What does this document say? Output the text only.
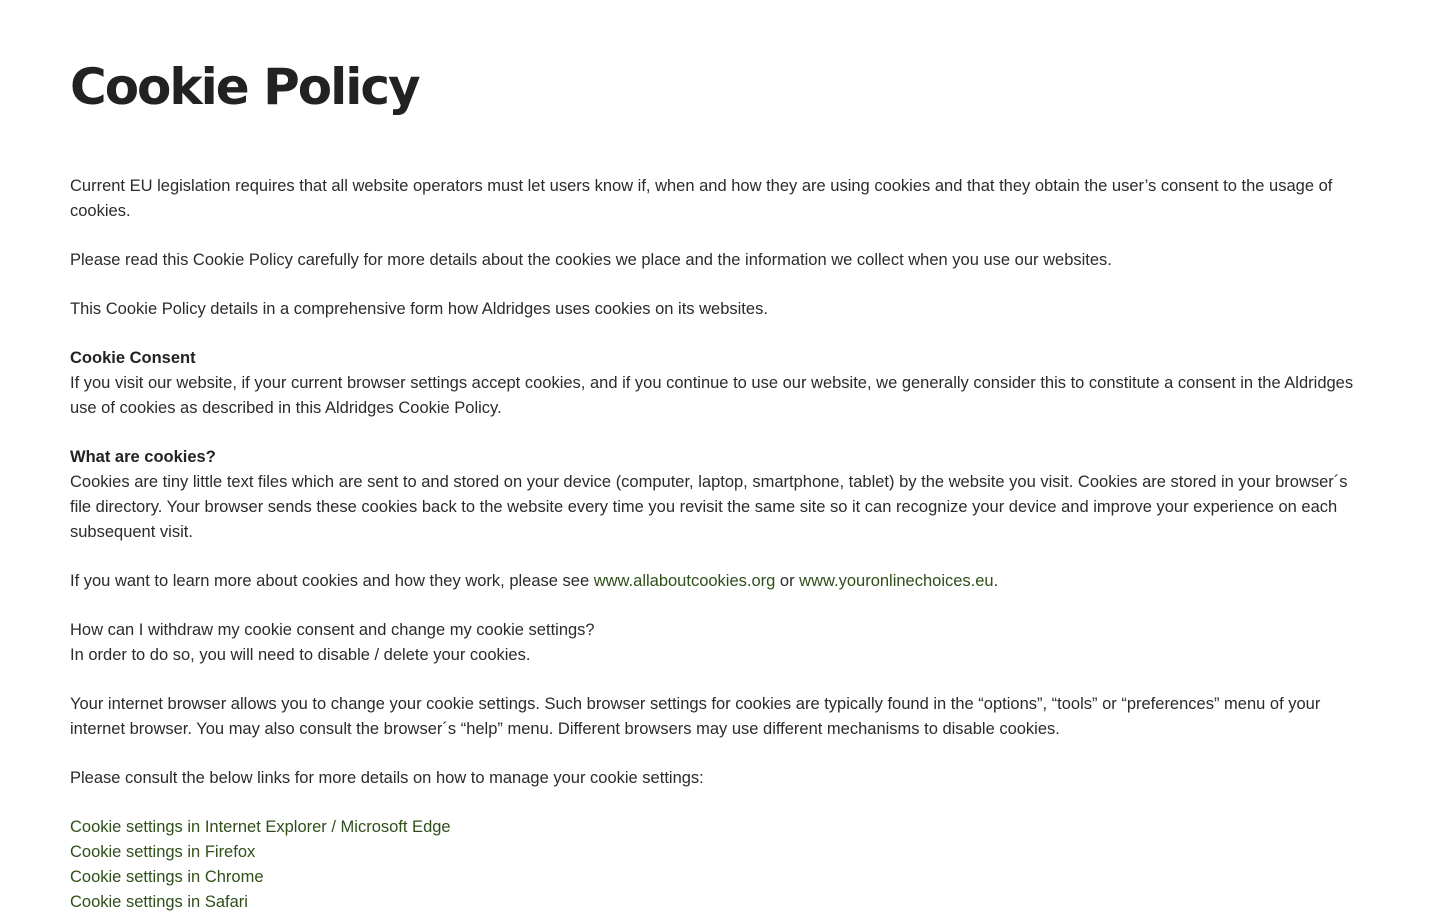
Cookie Policy

Current EU legislation requires that all website operators must let users know if, when and how they are using cookies and that they obtain the user’s consent to the usage of cookies.

Please read this Cookie Policy carefully for more details about the cookies we place and the information we collect when you use our websites.

This Cookie Policy details in a comprehensive form how Aldridges uses cookies on its websites.

Cookie Consent
If you visit our website, if your current browser settings accept cookies, and if you continue to use our website, we generally consider this to constitute a consent in the Aldridges use of cookies as described in this Aldridges Cookie Policy.

What are cookies?
Cookies are tiny little text files which are sent to and stored on your device (computer, laptop, smartphone, tablet) by the website you visit. Cookies are stored in your browser´s file directory. Your browser sends these cookies back to the website every time you revisit the same site so it can recognize your device and improve your experience on each subsequent visit.

If you want to learn more about cookies and how they work, please see www.allaboutcookies.org or www.youronlinechoices.eu.

How can I withdraw my cookie consent and change my cookie settings?
In order to do so, you will need to disable / delete your cookies.

Your internet browser allows you to change your cookie settings. Such browser settings for cookies are typically found in the “options”, “tools” or “preferences” menu of your internet browser. You may also consult the browser´s “help” menu. Different browsers may use different mechanisms to disable cookies.

Please consult the below links for more details on how to manage your cookie settings:

Cookie settings in Internet Explorer / Microsoft Edge
Cookie settings in Firefox
Cookie settings in Chrome
Cookie settings in Safari
